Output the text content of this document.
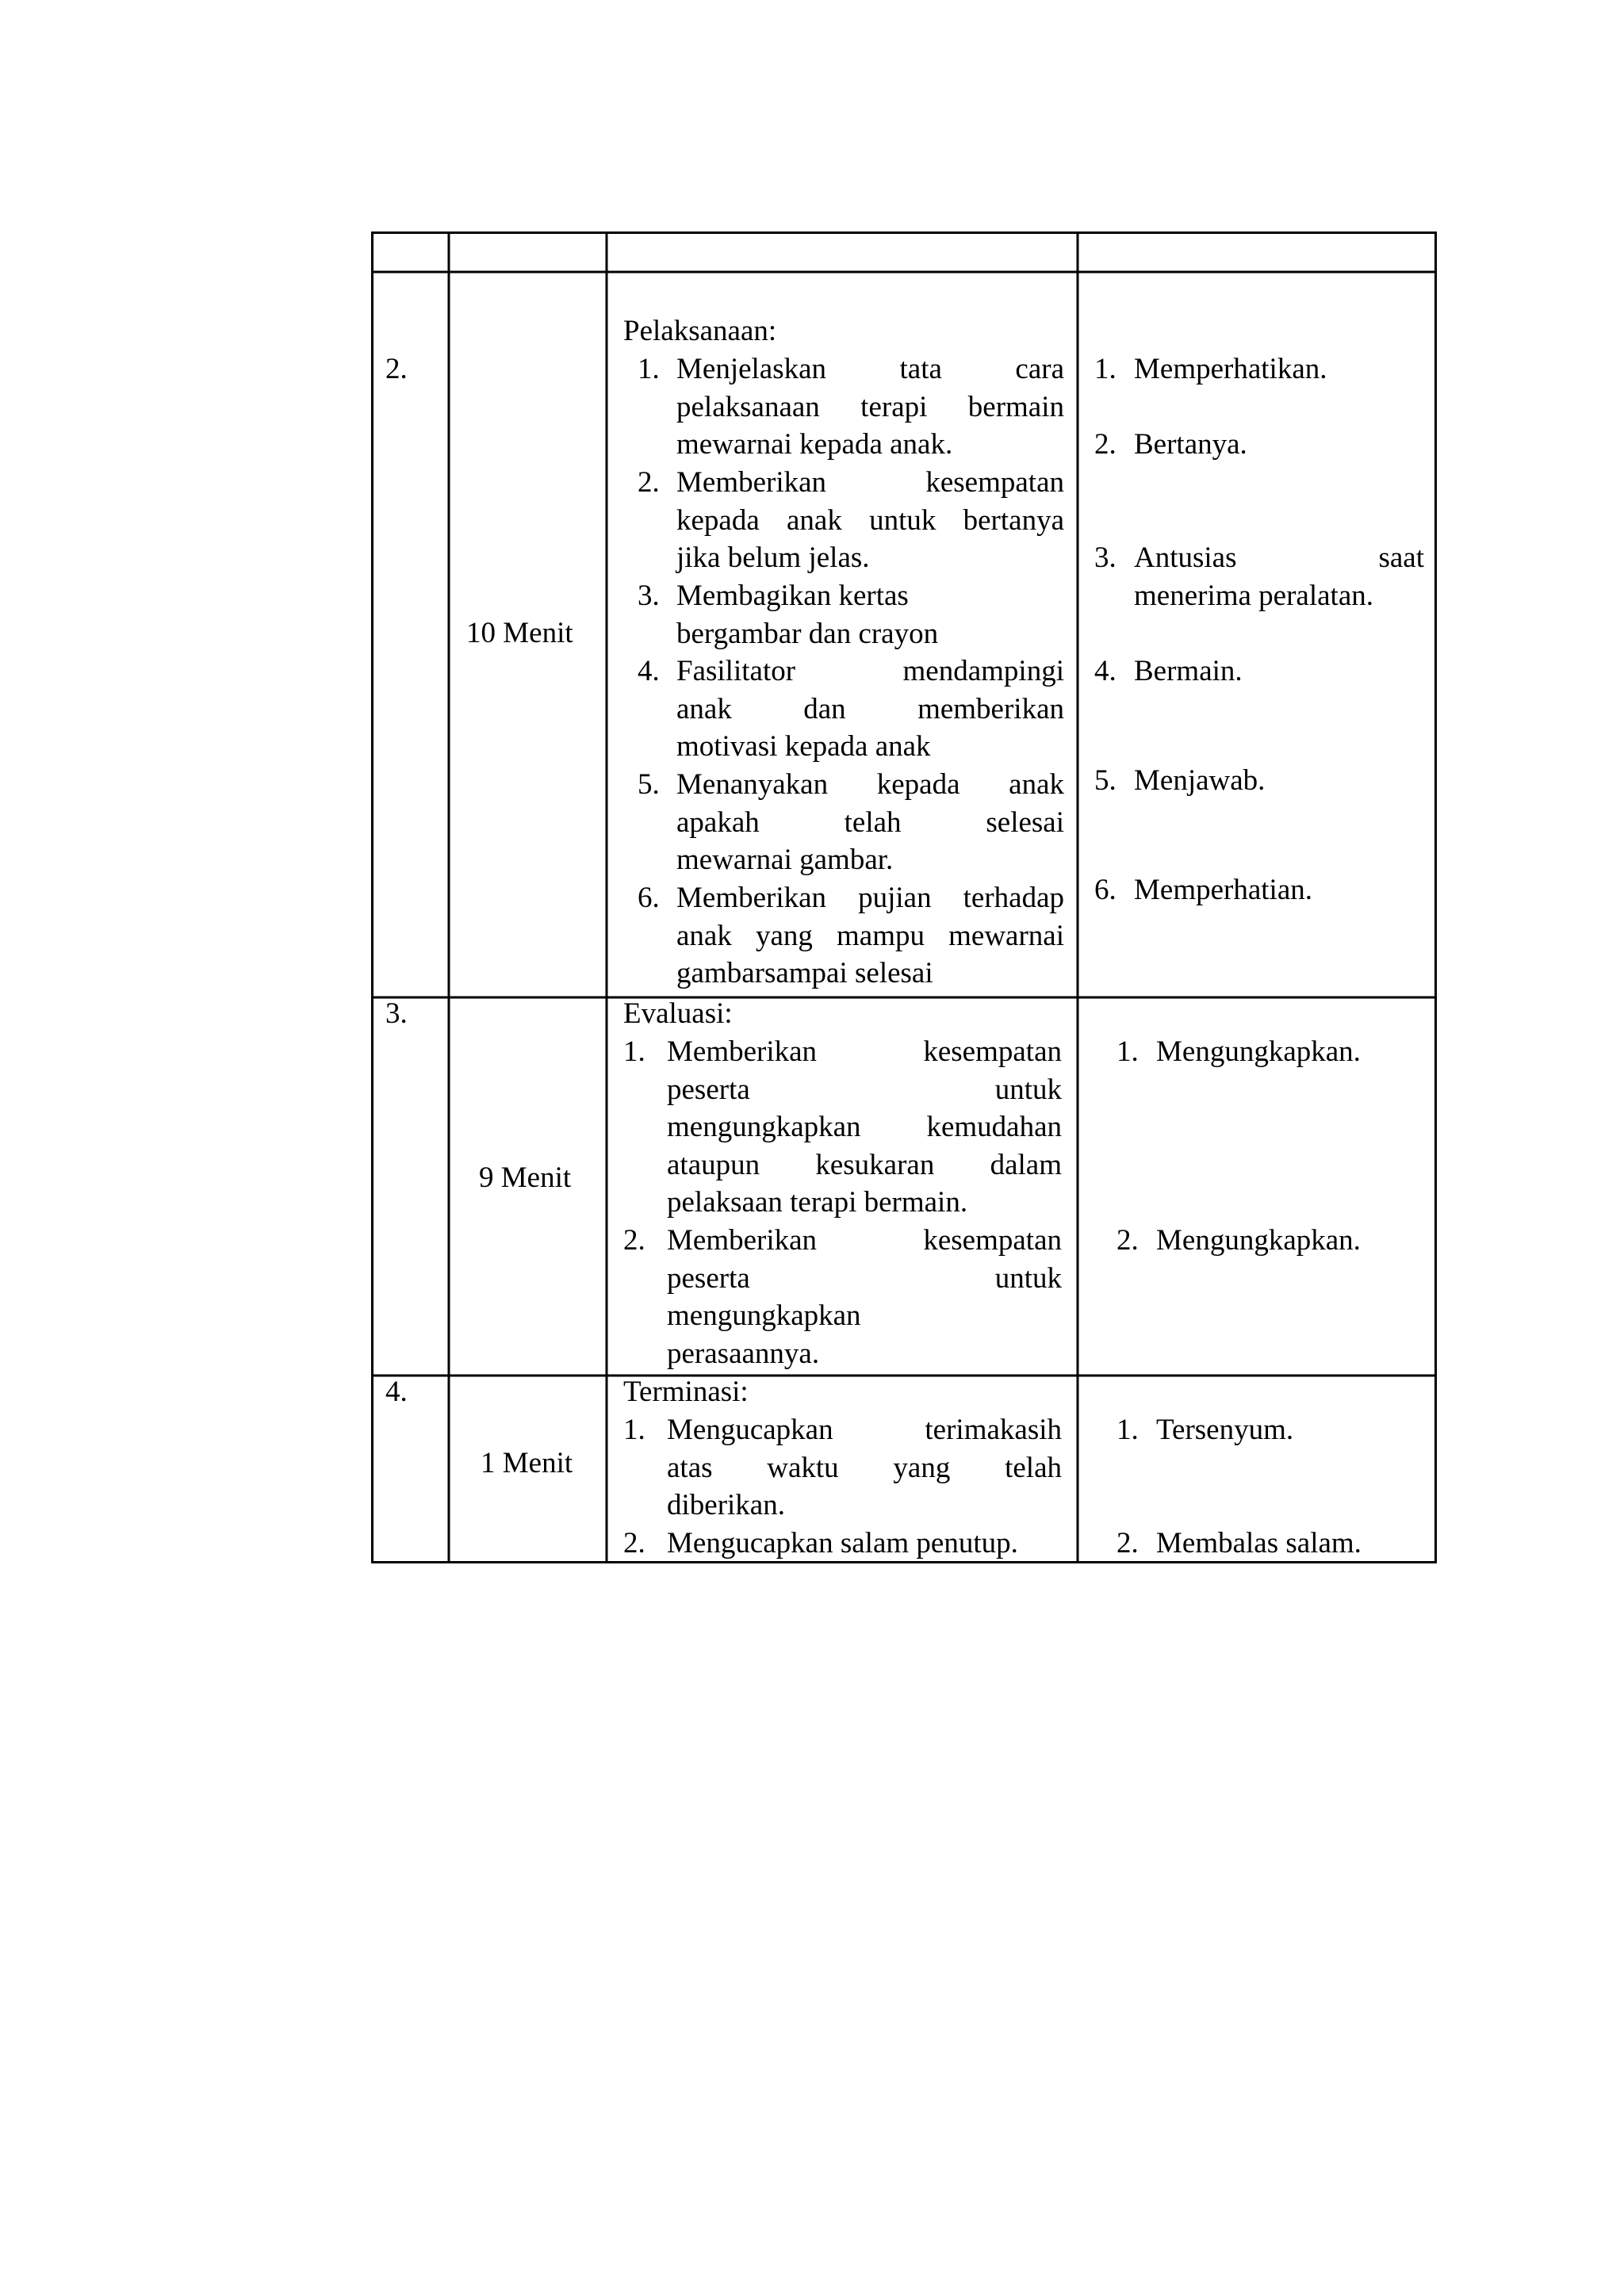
2.
10 Menit
Pelaksanaan:
1. Menjelaskan tata cara
pelaksanaan terapi bermain
mewarnai kepada anak.
2. Memberikan kesempatan
kepada anak untuk bertanya
jika belum jelas.
3. Membagikan kertas
bergambar dan crayon
4. Fasilitator mendampingi
anak dan memberikan
motivasi kepada anak
5. Menanyakan kepada anak
apakah telah selesai
mewarnai gambar.
6. Memberikan pujian terhadap
anak yang mampu mewarnai
gambarsampai selesai
1. Memperhatikan.
2. Bertanya.
3. Antusias saat
menerima peralatan.
4. Bermain.
5. Menjawab.
6. Memperhatian.
3.
9 Menit
Evaluasi:
1. Memberikan kesempatan
peserta untuk
mengungkapkan kemudahan
ataupun kesukaran dalam
pelaksaan terapi bermain.
2. Memberikan kesempatan
peserta untuk
mengungkapkan
perasaannya.
1. Mengungkapkan.
2. Mengungkapkan.
4.
1 Menit
Terminasi:
1. Mengucapkan terimakasih
atas waktu yang telah
diberikan.
2. Mengucapkan salam penutup.
1. Tersenyum.
2. Membalas salam.
